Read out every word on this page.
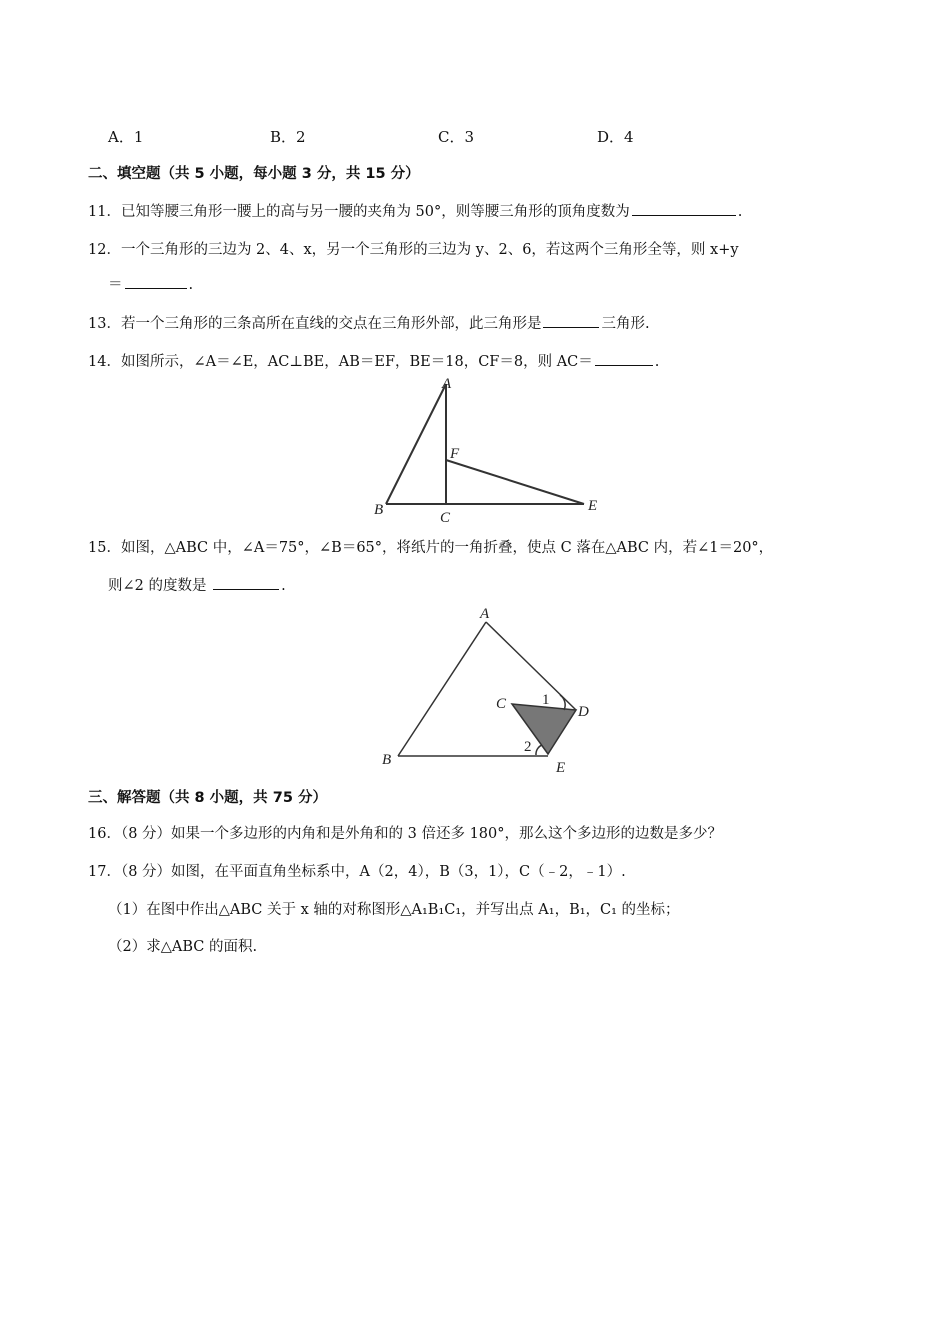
A．1	B．2	C．3	D．4
二、填空题（共 5 小题，每小题 3 分，共 15 分）
11．已知等腰三角形一腰上的高与另一腰的夹角为 50°，则等腰三角形的顶角度数为	.
12．一个三角形的三边为 2、4、x，另一个三角形的三边为 y、2、6，若这两个三角形全等，则 x+y
＝	.
13．若一个三角形的三条高所在直线的交点在三角形外部，此三角形是	三角形.
14．如图所示，∠A＝∠E，AC⊥BE，AB＝EF，BE＝18，CF＝8，则 AC＝	.
A
B	C
E
F
15．如图，△ABC 中，∠A＝75°，∠B＝65°，将纸片的一角折叠，使点 C 落在△ABC 内，若∠1＝20°，
则∠2 的度数是	.
A
B
C	D
E
1
2
三、解答题（共 8 小题，共 75 分）
16．（8 分）如果一个多边形的内角和是外角和的 3 倍还多 180°，那么这个多边形的边数是多少？
17．（8 分）如图，在平面直角坐标系中，A（2，4），B（3，1），C（﹣2，﹣1）.
（1）在图中作出△ABC 关于 x 轴的对称图形△A₁B₁C₁，并写出点 A₁，B₁，C₁ 的坐标；
（2）求△ABC 的面积.
